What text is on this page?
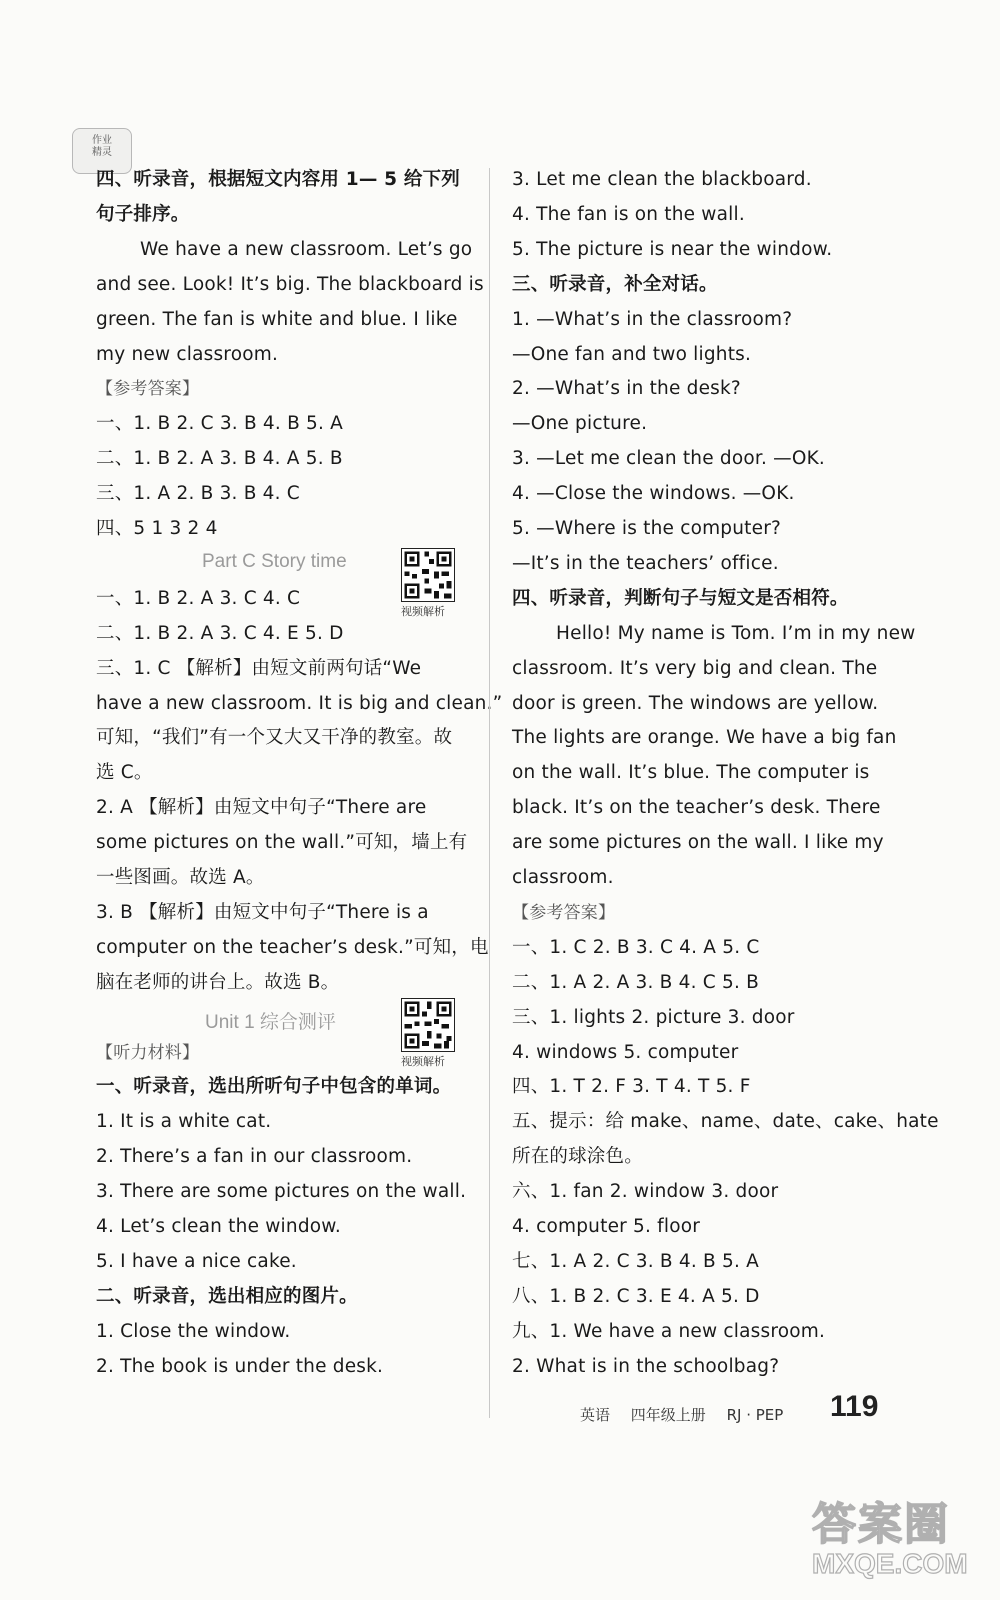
作业
精灵
四、听录音，根据短文内容用 1— 5 给下列
句子排序。
We have a new classroom. Let’s go
and see. Look! It’s big. The blackboard is
green. The fan is white and blue. I like
my new classroom.
【参考答案】
一、1. B 2. C 3. B 4. B 5. A
二、1. B 2. A 3. B 4. A 5. B
三、1. A 2. B 3. B 4. C
四、5 1 3 2 4
一、1. B 2. A 3. C 4. C
二、1. B 2. A 3. C 4. E 5. D
三、1. C 【解析】由短文前两句话“We
have a new classroom. It is big and clean.”
可知，“我们”有一个又大又干净的教室。故
选 C。
2. A 【解析】由短文中句子“There are
some pictures on the wall.”可知，墙上有
一些图画。故选 A。
3. B 【解析】由短文中句子“There is a
computer on the teacher’s desk.”可知，电
脑在老师的讲台上。故选 B。
【听力材料】
一、听录音，选出所听句子中包含的单词。
1. It is a white cat.
2. There’s a fan in our classroom.
3. There are some pictures on the wall.
4. Let’s clean the window.
5. I have a nice cake.
二、听录音，选出相应的图片。
1. Close the window.
2. The book is under the desk.
3. Let me clean the blackboard.
4. The fan is on the wall.
5. The picture is near the window.
三、听录音，补全对话。
1. —What’s in the classroom?
—One fan and two lights.
2. —What’s in the desk?
—One picture.
3. —Let me clean the door. —OK.
4. —Close the windows. —OK.
5. —Where is the computer?
—It’s in the teachers’ office.
四、听录音，判断句子与短文是否相符。
Hello! My name is Tom. I’m in my new
classroom. It’s very big and clean. The
door is green. The windows are yellow.
The lights are orange. We have a big fan
on the wall. It’s blue. The computer is
black. It’s on the teacher’s desk. There
are some pictures on the wall. I like my
classroom.
【参考答案】
一、1. C 2. B 3. C 4. A 5. C
二、1. A 2. A 3. B 4. C 5. B
三、1. lights 2. picture 3. door
4. windows 5. computer
四、1. T 2. F 3. T 4. T 5. F
五、提示：给 make、name、date、cake、hate
所在的球涂色。
六、1. fan 2. window 3. door
4. computer 5. floor
七、1. A 2. C 3. B 4. B 5. A
八、1. B 2. C 3. E 4. A 5. D
九、1. We have a new classroom.
2. What is in the schoolbag?
Part C Story time
视频解析
Unit 1 综合测评
视频解析
英语 四年级上册 RJ · PEP	119
答案圈
MXQE.COM
